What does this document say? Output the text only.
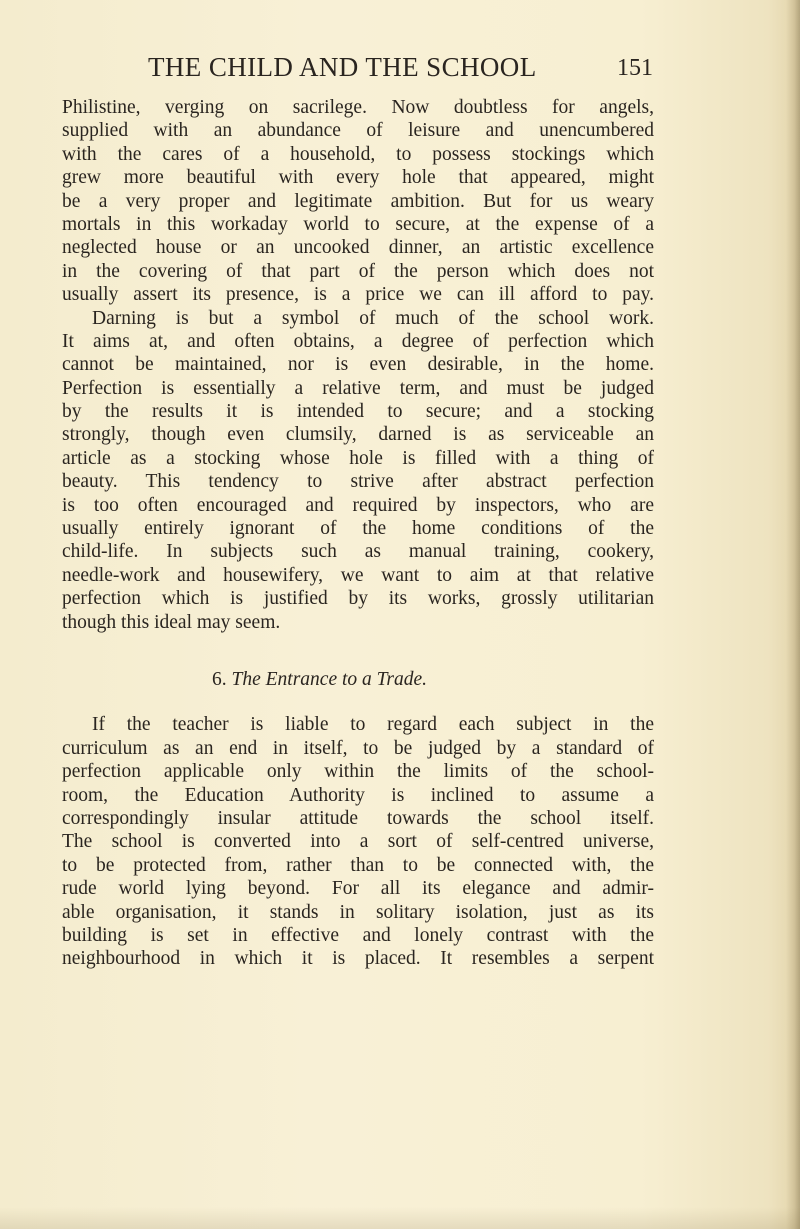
THE CHILD AND THE SCHOOL	151
Philistine, verging on sacrilege. Now doubtless for angels,
supplied with an abundance of leisure and unencumbered
with the cares of a household, to possess stockings which
grew more beautiful with every hole that appeared, might
be a very proper and legitimate ambition. But for us weary
mortals in this workaday world to secure, at the expense of a
neglected house or an uncooked dinner, an artistic excellence
in the covering of that part of the person which does not
usually assert its presence, is a price we can ill afford to pay.
Darning is but a symbol of much of the school work.
It aims at, and often obtains, a degree of perfection which
cannot be maintained, nor is even desirable, in the home.
Perfection is essentially a relative term, and must be judged
by the results it is intended to secure; and a stocking
strongly, though even clumsily, darned is as serviceable an
article as a stocking whose hole is filled with a thing of
beauty. This tendency to strive after abstract perfection
is too often encouraged and required by inspectors, who are
usually entirely ignorant of the home conditions of the
child-life. In subjects such as manual training, cookery,
needle-work and housewifery, we want to aim at that relative
perfection which is justified by its works, grossly utilitarian
though this ideal may seem.
6. The Entrance to a Trade.
If the teacher is liable to regard each subject in the
curriculum as an end in itself, to be judged by a standard of
perfection applicable only within the limits of the school-
room, the Education Authority is inclined to assume a
correspondingly insular attitude towards the school itself.
The school is converted into a sort of self-centred universe,
to be protected from, rather than to be connected with, the
rude world lying beyond. For all its elegance and admir-
able organisation, it stands in solitary isolation, just as its
building is set in effective and lonely contrast with the
neighbourhood in which it is placed. It resembles a serpent
